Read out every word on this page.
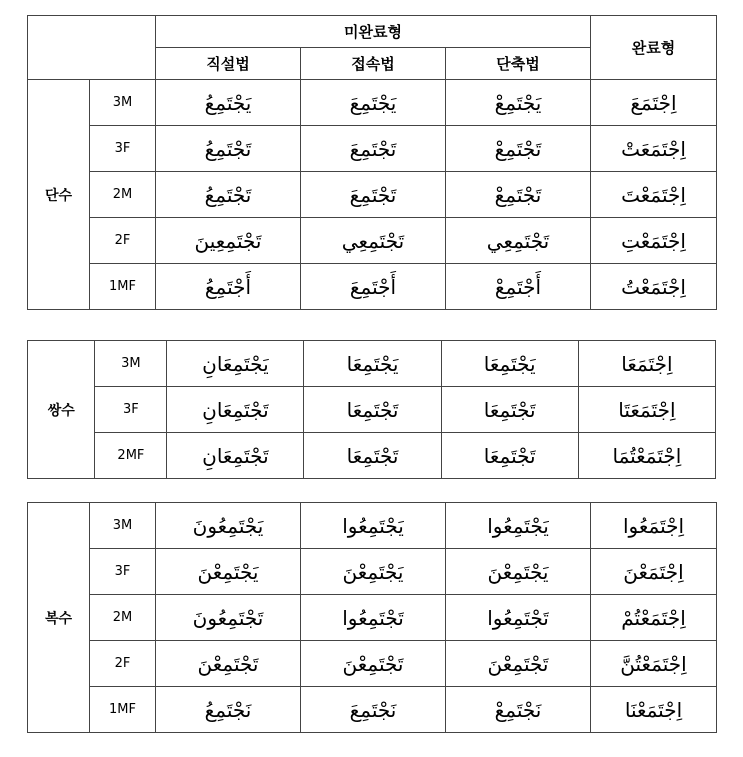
		미완료형			완료형
		직설법	접속법	단축법	
단수	3M	يَجْتَمِعُ	يَجْتَمِعَ	يَجْتَمِعْ	اِجْتَمَعَ
	3F	تَجْتَمِعُ	تَجْتَمِعَ	تَجْتَمِعْ	اِجْتَمَعَتْ
	2M	تَجْتَمِعُ	تَجْتَمِعَ	تَجْتَمِعْ	اِجْتَمَعْتَ
	2F	تَجْتَمِعِينَ	تَجْتَمِعِي	تَجْتَمِعِي	اِجْتَمَعْتِ
	1MF	أَجْتَمِعُ	أَجْتَمِعَ	أَجْتَمِعْ	اِجْتَمَعْتُ
쌍수	3M	يَجْتَمِعَانِ	يَجْتَمِعَا	يَجْتَمِعَا	اِجْتَمَعَا
	3F	تَجْتَمِعَانِ	تَجْتَمِعَا	تَجْتَمِعَا	اِجْتَمَعَتَا
	2MF	تَجْتَمِعَانِ	تَجْتَمِعَا	تَجْتَمِعَا	اِجْتَمَعْتُمَا
복수	3M	يَجْتَمِعُونَ	يَجْتَمِعُوا	يَجْتَمِعُوا	اِجْتَمَعُوا
	3F	يَجْتَمِعْنَ	يَجْتَمِعْنَ	يَجْتَمِعْنَ	اِجْتَمَعْنَ
	2M	تَجْتَمِعُونَ	تَجْتَمِعُوا	تَجْتَمِعُوا	اِجْتَمَعْتُمْ
	2F	تَجْتَمِعْنَ	تَجْتَمِعْنَ	تَجْتَمِعْنَ	اِجْتَمَعْتُنَّ
	1MF	نَجْتَمِعُ	نَجْتَمِعَ	نَجْتَمِعْ	اِجْتَمَعْنَا
